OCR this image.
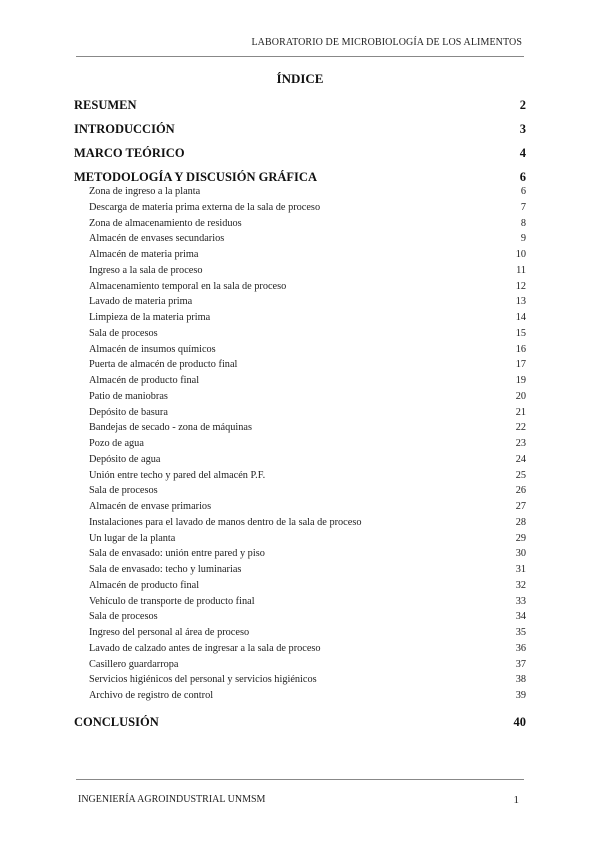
LABORATORIO DE MICROBIOLOGÍA DE LOS ALIMENTOS
ÍNDICE
RESUMEN	2
INTRODUCCIÓN	3
MARCO TEÓRICO	4
METODOLOGÍA Y DISCUSIÓN GRÁFICA	6
Zona de ingreso a la planta	6
Descarga de materia prima externa de la sala de proceso	7
Zona de almacenamiento de residuos	8
Almacén de envases secundarios	9
Almacén de materia prima	10
Ingreso a la sala de proceso	11
Almacenamiento temporal en la sala de proceso	12
Lavado de materia prima	13
Limpieza de la materia prima	14
Sala de procesos	15
Almacén de insumos químicos	16
Puerta de almacén de producto final	17
Almacén de producto final	19
Patio de maniobras	20
Depósito de basura	21
Bandejas de secado - zona de máquinas	22
Pozo de agua	23
Depósito de agua	24
Unión entre techo y pared del almacén P.F.	25
Sala de procesos	26
Almacén de envase primarios	27
Instalaciones para el lavado de manos dentro de la sala de proceso	28
Un lugar de la planta	29
Sala de envasado: unión entre pared y piso	30
Sala de envasado: techo y luminarias	31
Almacén de producto final	32
Vehículo de transporte de producto final	33
Sala de procesos	34
Ingreso del personal al área de proceso	35
Lavado de calzado antes de ingresar a la sala de proceso	36
Casillero guardarropa	37
Servicios higiénicos del personal y servicios higiénicos	38
Archivo de registro de control	39
CONCLUSIÓN	40
INGENIERÍA AGROINDUSTRIAL UNMSM	1
